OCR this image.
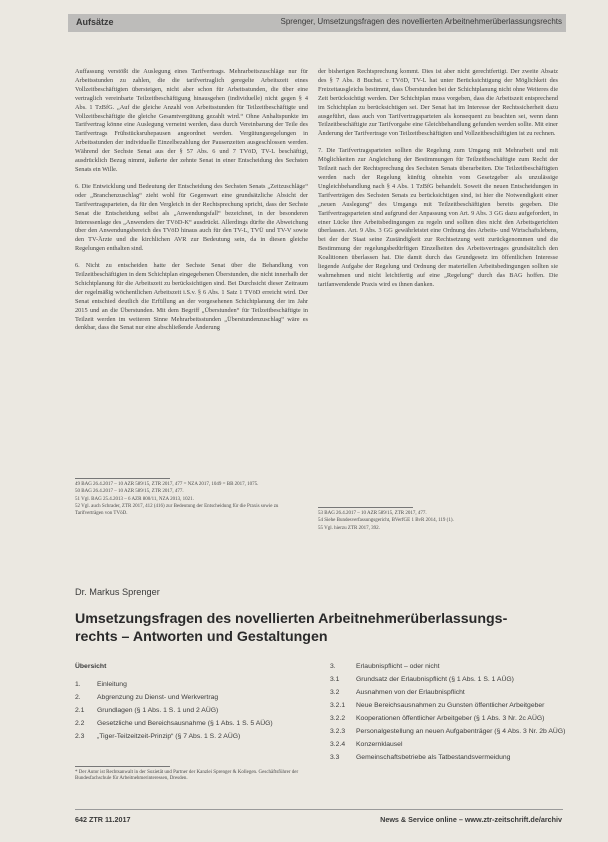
Aufsätze	Sprenger, Umsetzungsfragen des novellierten Arbeitnehmerüberlassungsrechts

Auffassung verstößt die Auslegung eines Tarifvertrags. Mehrarbeitszuschläge nur für Arbeitsstunden zu zahlen, die die tarifvertraglich geregelte Arbeitszeit eines Vollzeitbeschäftigten übersteigen, nicht aber schon für Arbeitsstunden, die über eine vertraglich vereinbarte Teilzeitbeschäftigung hinausgehen (individuelle) nicht gegen § 4 Abs. 1 TzBfG. „Auf die gleiche Anzahl von Arbeitsstunden für Teilzeitbeschäftigte und Vollzeitbeschäftigte die gleiche Gesamtvergütung gezahlt wird.“ Ohne Anhaltspunkte im Tarifvertrag könne eine Auslegung verneint werden, dass durch Vereinbarung der Teile des Tarifvertrags Frühstücksruhepausen angeordnet werden. Vergütungsregelungen in Arbeitsstunden der individuelle Einzelbezahlung der Pausenzeiten ausgeschlossen werden. Während der Sechste Senat aus der § 57 Abs. 6 und 7 TVöD, TV-L beschäftigt, ausdrücklich Bezug nimmt, äußerte der zehnte Senat in einer Entscheidung des Sechsten Senats ein Wille.

6. Die Entwicklung und Bedeutung der Entscheidung des Sechsten Senats „Zeitzuschläge“ oder „Branchenzuschlag“ zieht wohl für Gegenwart eine grundsätzliche Absicht der Tarifvertragsparteien, da für den Vergleich in der Rechtsprechung spricht, dass der Sechste Senat die Entscheidung selbst als „Anwendungsfall“ bezeichnet, in der besonderen Interessenlage des „Anwenders der TVöD-K“ ausdrückt. Allerdings dürfte die Abweichung über den Anwendungsbereich des TVöD hinaus auch für den TV-L, TVÜ und TV-V sowie den TV-Ärzte und die kirchlichen AVR zur Bedeutung sein, da in diesen gleiche Regelungen enthalten sind.

6. Nicht zu entscheiden hatte der Sechste Senat über die Behandlung von Teilzeitbeschäftigten in dem Schichtplan eingegebenen Überstunden, die nicht innerhalb der Schichtplanung für die Arbeitszeit zu berücksichtigen sind. Bei Durchsicht dieser Zeitraum der regelmäßig wöchentlichen Arbeitszeit i.S.v. § 6 Abs. 1 Satz 1 TVöD erreicht wird. Der Senat entschied deutlich die Erfüllung an der vorgesehenen Schichtplanung der im Jahr 2015 und an die Überstunden. Mit dem Begriff „Überstunden“ für Teilzeitbeschäftigte in Teilzeit werden im weiteren Sinne Mehrarbeitsstunden „Überstundenzuschlag“ wäre es denkbar, dass die Senat nur eine abschließende Änderung

49 BAG 26.4.2017 – 10 AZR 589/15, ZTR 2017, 477 = NZA 2017, 1049 = BB 2017, 1075.
50 BAG 26.4.2017 – 10 AZR 589/15, ZTR 2017, 477.
51 Vgl. BAG 25.4.2013 – 6 AZR 800/11, NZA 2013, 1021.
52 Vgl. auch Schrader, ZTR 2017, 412 (416) zur Bedeutung der Entscheidung für die Praxis sowie zu Tarifverträgen von TVöD.

der bisherigen Rechtsprechung kommt. Dies ist aber nicht gerechtfertigt. Der zweite Absatz des § 7 Abs. 8 Buchst. c TVöD, TV-L hat unter Berücksichtigung der Möglichkeit des Freizeitausgleichs bestimmt, dass Überstunden bei der Schichtplanung nicht ohne Weiteres die Zeit berücksichtigt werden. Der Schichtplan muss vorgeben, dass die Arbeitszeit entsprechend im Schichtplan zu berücksichtigen sei. Der Senat hat im Interesse der Rechtssicherheit dazu ausgeführt, dass auch von Tarifvertragsparteien als konsequent zu beachten sei, wenn dann Teilzeitbeschäftigte zur Tarifvorgabe eine Gleichbehandlung gefunden werden sollte. Mit einer Änderung der Tarifvertrage von Teilzeitbeschäftigten und Vollzeitbeschäftigten ist zu rechnen.

7. Die Tarifvertragsparteien sollten die Regelung zum Umgang mit Mehrarbeit und mit Möglichkeiten zur Angleichung der Bestimmungen für Teilzeitbeschäftigte zum Recht der Teilzeit nach der Rechtsprechung des Sechsten Senats überarbeiten. Die Teilzeitbeschäftigten werden nach der Regelung künftig ohnehin vom Gesetzgeber als unzulässige Ungleichbehandlung nach § 4 Abs. 1 TzBfG behandelt. Soweit die neuen Entscheidungen in Tarifverträgen des Sechsten Senats zu berücksichtigen sind, ist hier die Notwendigkeit einer „neuen Auslegung“ des Umgangs mit Teilzeitbeschäftigten bereits gegeben. Die Tarifvertragsparteien sind aufgrund der Anpassung von Art. 9 Abs. 3 GG dazu aufgefordert, in einer Lücke ihre Arbeitsbedingungen zu regeln und sollten dies nicht den Arbeitsgerichten überlassen. Art. 9 Abs. 3 GG gewährleistet eine Ordnung des Arbeits- und Wirtschaftslebens, bei der der Staat seine Zuständigkeit zur Rechtsetzung weit zurückgenommen und die Bestimmung der regelungsbedürftigen Einzelheiten des Arbeitsvertrages grundsätzlich den Koalitionen überlassen hat. Die damit durch das Grundgesetz im öffentlichen Interesse liegende Aufgabe der Regelung und Ordnung der materiellen Arbeitsbedingungen sollten sie wahrnehmen und nicht leichtfertig auf eine „Regelung“ durch das BAG hoffen. Die tarifanwendende Praxis wird es ihnen danken.

53 BAG 26.4.2017 – 10 AZR 589/15, ZTR 2017, 477.
54 Siehe Bundesverfassungsgericht, BVerfGE 1 BvR 2014, 119 (1).
55 Vgl. hierzu ZTR 2017, 392.
Dr. Markus Sprenger
Umsetzungsfragen des novellierten Arbeitnehmerüberlassungs-
rechts – Antworten und Gestaltungen
Übersicht
1.	Einleitung
2.	Abgrenzung zu Dienst- und Werkvertrag
2.1	Grundlagen (§ 1 Abs. 1 S. 1 und 2 AÜG)
2.2	Gesetzliche und Bereichsausnahme (§ 1 Abs. 1 S. 5 AÜG)
2.3	„Tiger-Teilzeitzeit-Prinzip“ (§ 7 Abs. 1 S. 2 AÜG)
3.	Erlaubnispflicht – oder nicht
3.1	Grundsatz der Erlaubnispflicht (§ 1 Abs. 1 S. 1 AÜG)
3.2	Ausnahmen von der Erlaubnispflicht
3.2.1	Neue Bereichsausnahmen zu Gunsten öffentlicher Arbeitgeber
3.2.2	Kooperationen öffentlicher Arbeitgeber (§ 1 Abs. 3 Nr. 2c AÜG)
3.2.3	Personalgestellung an neuen Aufgabenträger (§ 4 Abs. 3 Nr. 2b AÜG)
3.2.4	Konzernklausel
3.3	Gemeinschaftsbetriebe als Tatbestandsvermeidung
* Der Autor ist Rechtsanwalt in der Sozietät und Partner der Kanzlei Sprenger & Kollegen. Geschäftsführer der Bundesfachschule für Arbeitnehmerinteressen, Dresden.
642 ZTR 11.2017	News & Service online – www.ztr-zeitschrift.de/archiv
